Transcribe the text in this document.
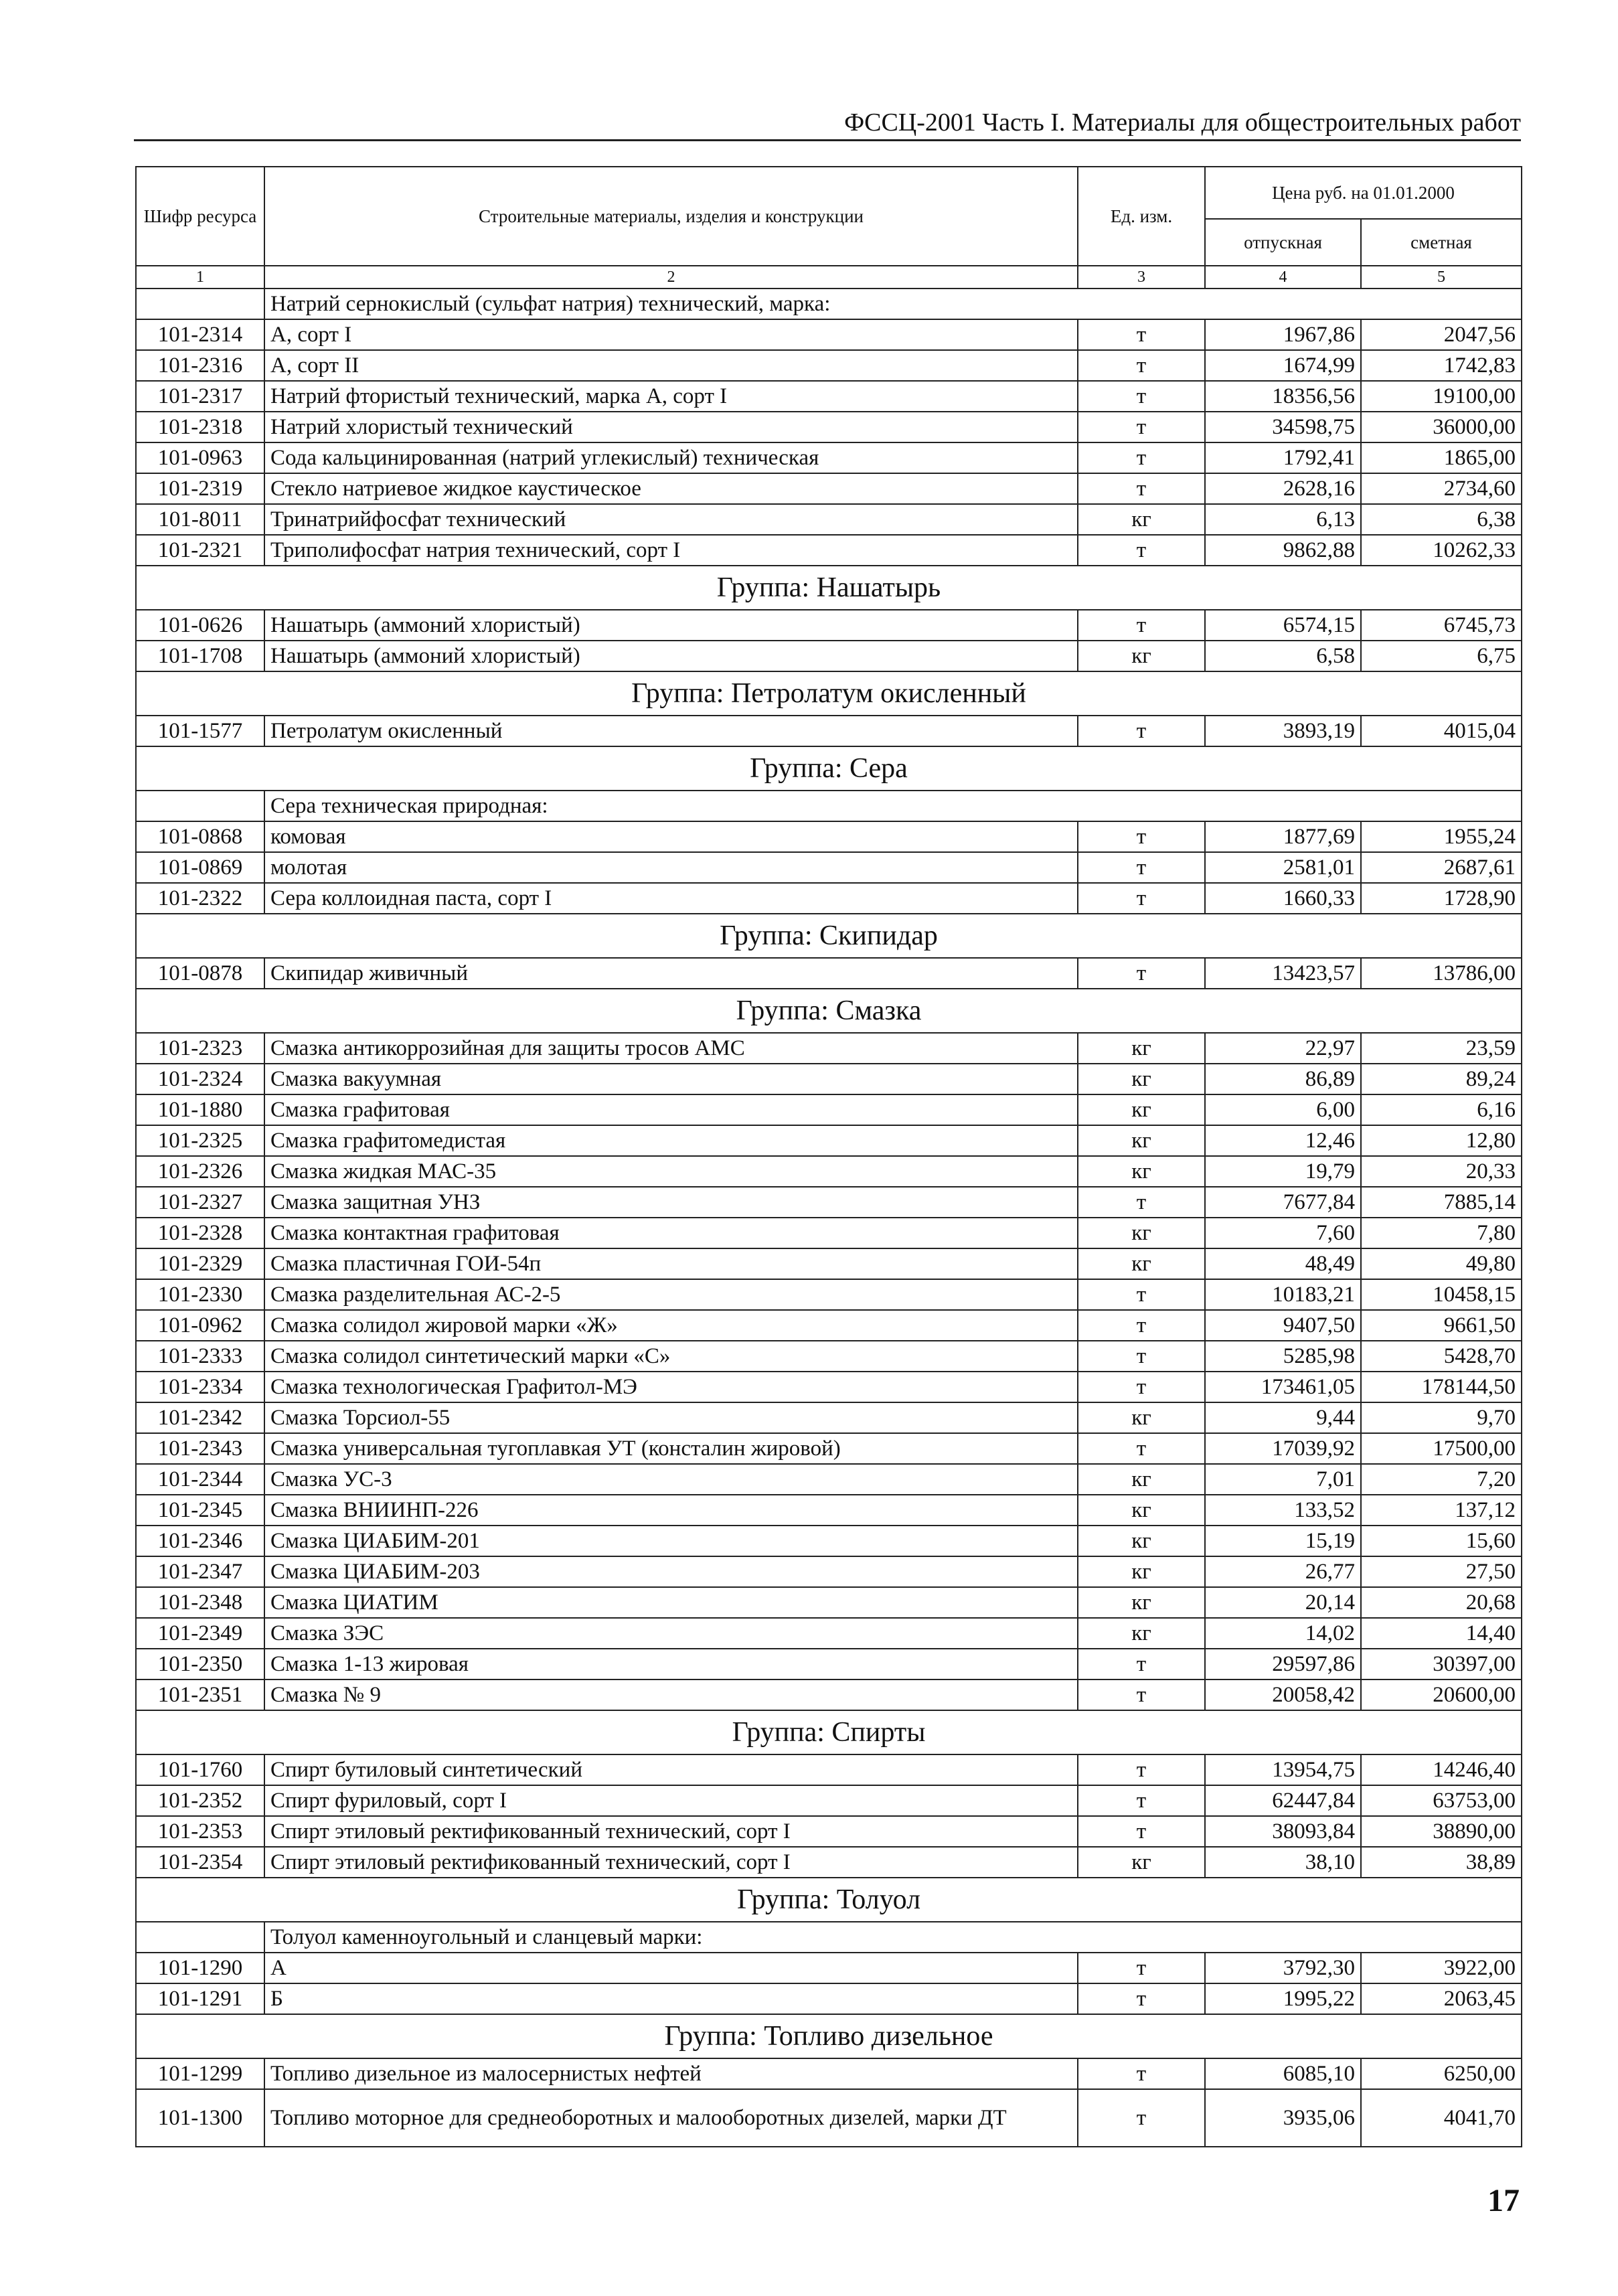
ФССЦ-2001 Часть I. Материалы для общестроительных работ
Шифр ресурса	Строительные материалы, изделия и конструкции	Ед. изм.	Цена руб. на 01.01.2000	
			отпускная	сметная
1	2	3	4	5
	Натрий сернокислый (сульфат натрия) технический, марка:			
101-2314	А, сорт I	т	1967,86	2047,56
101-2316	А, сорт II	т	1674,99	1742,83
101-2317	Натрий фтористый технический, марка А, сорт I	т	18356,56	19100,00
101-2318	Натрий хлористый технический	т	34598,75	36000,00
101-0963	Сода кальцинированная (натрий углекислый) техническая	т	1792,41	1865,00
101-2319	Стекло натриевое жидкое каустическое	т	2628,16	2734,60
101-8011	Тринатрийфосфат технический	кг	6,13	6,38
101-2321	Триполифосфат натрия технический, сорт I	т	9862,88	10262,33
Группа: Нашатырь				
101-0626	Нашатырь (аммоний хлористый)	т	6574,15	6745,73
101-1708	Нашатырь (аммоний хлористый)	кг	6,58	6,75
Группа: Петролатум окисленный				
101-1577	Петролатум окисленный	т	3893,19	4015,04
Группа: Сера				
	Сера техническая природная:			
101-0868	комовая	т	1877,69	1955,24
101-0869	молотая	т	2581,01	2687,61
101-2322	Сера коллоидная паста, сорт I	т	1660,33	1728,90
Группа: Скипидар				
101-0878	Скипидар живичный	т	13423,57	13786,00
Группа: Смазка				
101-2323	Смазка антикоррозийная для защиты тросов АМС	кг	22,97	23,59
101-2324	Смазка вакуумная	кг	86,89	89,24
101-1880	Смазка графитовая	кг	6,00	6,16
101-2325	Смазка графитомедистая	кг	12,46	12,80
101-2326	Смазка жидкая МАС-35	кг	19,79	20,33
101-2327	Смазка защитная УНЗ	т	7677,84	7885,14
101-2328	Смазка контактная графитовая	кг	7,60	7,80
101-2329	Смазка пластичная ГОИ-54п	кг	48,49	49,80
101-2330	Смазка разделительная АС-2-5	т	10183,21	10458,15
101-0962	Смазка солидол жировой марки «Ж»	т	9407,50	9661,50
101-2333	Смазка солидол синтетический марки «С»	т	5285,98	5428,70
101-2334	Смазка технологическая Графитол-МЭ	т	173461,05	178144,50
101-2342	Смазка Торсиол-55	кг	9,44	9,70
101-2343	Смазка универсальная тугоплавкая УТ (консталин жировой)	т	17039,92	17500,00
101-2344	Смазка УС-3	кг	7,01	7,20
101-2345	Смазка ВНИИНП-226	кг	133,52	137,12
101-2346	Смазка ЦИАБИМ-201	кг	15,19	15,60
101-2347	Смазка ЦИАБИМ-203	кг	26,77	27,50
101-2348	Смазка ЦИАТИМ	кг	20,14	20,68
101-2349	Смазка ЗЭС	кг	14,02	14,40
101-2350	Смазка 1-13 жировая	т	29597,86	30397,00
101-2351	Смазка № 9	т	20058,42	20600,00
Группа: Спирты				
101-1760	Спирт бутиловый синтетический	т	13954,75	14246,40
101-2352	Спирт фуриловый, сорт I	т	62447,84	63753,00
101-2353	Спирт этиловый ректификованный технический, сорт I	т	38093,84	38890,00
101-2354	Спирт этиловый ректификованный технический, сорт I	кг	38,10	38,89
Группа: Толуол				
	Толуол каменноугольный и сланцевый марки:			
101-1290	А	т	3792,30	3922,00
101-1291	Б	т	1995,22	2063,45
Группа: Топливо дизельное				
101-1299	Топливо дизельное из малосернистых нефтей	т	6085,10	6250,00
101-1300	Топливо моторное для среднеоборотных и малооборотных дизелей, марки ДТ	т	3935,06	4041,70
17
